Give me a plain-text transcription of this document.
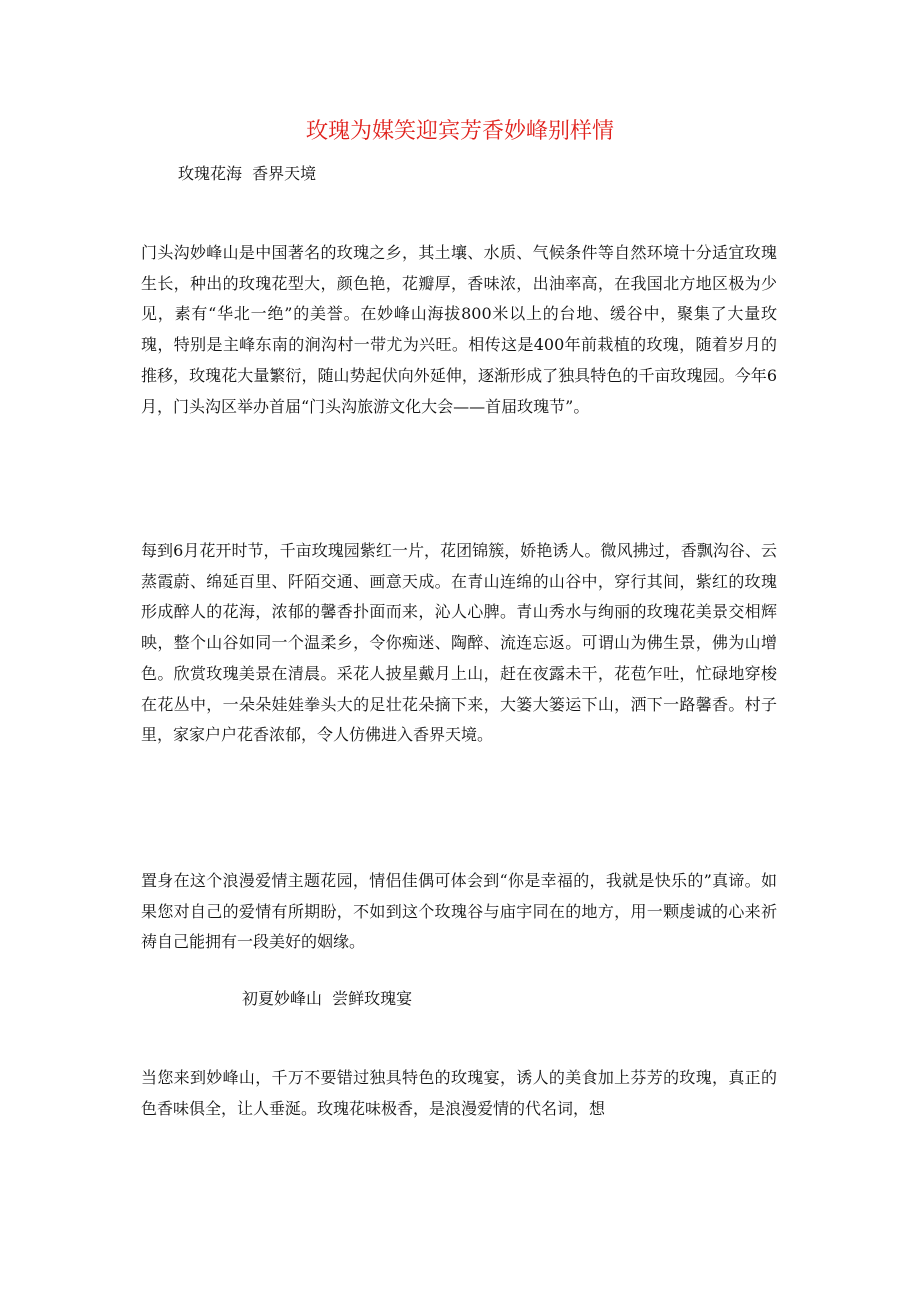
玫瑰为媒笑迎宾芳香妙峰别样情

玫瑰花海  香界天境

门头沟妙峰山是中国著名的玫瑰之乡，其土壤、水质、气候条件等自然环境十分适宜玫瑰生长，种出的玫瑰花型大，颜色艳，花瓣厚，香味浓，出油率高，在我国北方地区极为少见，素有“华北一绝”的美誉。在妙峰山海拔800米以上的台地、缓谷中，聚集了大量玫瑰，特别是主峰东南的涧沟村一带尤为兴旺。相传这是400年前栽植的玫瑰，随着岁月的推移，玫瑰花大量繁衍，随山势起伏向外延伸，逐渐形成了独具特色的千亩玫瑰园。今年6月，门头沟区举办首届“门头沟旅游文化大会——首届玫瑰节”。

每到6月花开时节，千亩玫瑰园紫红一片，花团锦簇，娇艳诱人。微风拂过，香飘沟谷、云蒸霞蔚、绵延百里、阡陌交通、画意天成。在青山连绵的山谷中，穿行其间，紫红的玫瑰形成醉人的花海，浓郁的馨香扑面而来，沁人心脾。青山秀水与绚丽的玫瑰花美景交相辉映，整个山谷如同一个温柔乡，令你痴迷、陶醉、流连忘返。可谓山为佛生景，佛为山增色。欣赏玫瑰美景在清晨。采花人披星戴月上山，赶在夜露未干，花苞乍吐，忙碌地穿梭在花丛中，一朵朵娃娃拳头大的足壮花朵摘下来，大篓大篓运下山，洒下一路馨香。村子里，家家户户花香浓郁，令人仿佛进入香界天境。

置身在这个浪漫爱情主题花园，情侣佳偶可体会到“你是幸福的，我就是快乐的”真谛。如果您对自己的爱情有所期盼，不如到这个玫瑰谷与庙宇同在的地方，用一颗虔诚的心来祈祷自己能拥有一段美好的姻缘。

初夏妙峰山  尝鲜玫瑰宴

当您来到妙峰山，千万不要错过独具特色的玫瑰宴，诱人的美食加上芬芳的玫瑰，真正的色香味俱全，让人垂涎。玫瑰花味极香，是浪漫爱情的代名词，想
